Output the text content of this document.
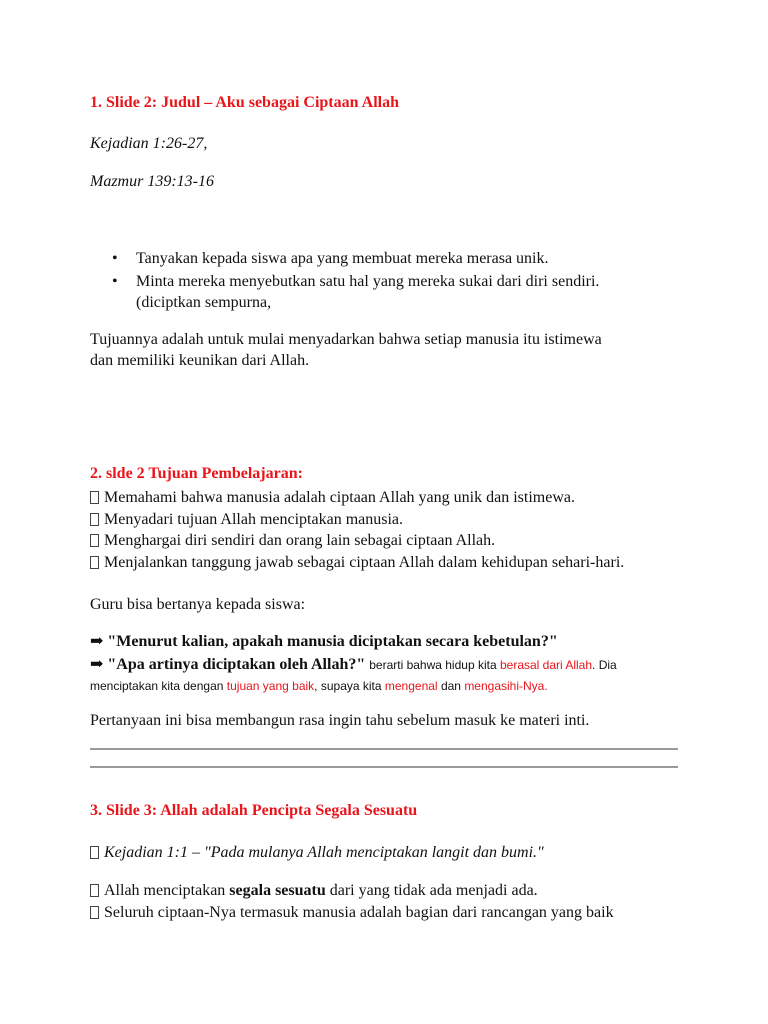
1. Slide 2: Judul – Aku sebagai Ciptaan Allah
Kejadian 1:26-27,
Mazmur 139:13-16
• Tanyakan kepada siswa apa yang membuat mereka merasa unik.
• Minta mereka menyebutkan satu hal yang mereka sukai dari diri sendiri.
(diciptkan sempurna,
Tujuannya adalah untuk mulai menyadarkan bahwa setiap manusia itu istimewa
dan memiliki keunikan dari Allah.
2. slde 2 Tujuan Pembelajaran:
Memahami bahwa manusia adalah ciptaan Allah yang unik dan istimewa.
Menyadari tujuan Allah menciptakan manusia.
Menghargai diri sendiri dan orang lain sebagai ciptaan Allah.
Menjalankan tanggung jawab sebagai ciptaan Allah dalam kehidupan sehari-hari.
Guru bisa bertanya kepada siswa:
➡ "Menurut kalian, apakah manusia diciptakan secara kebetulan?"
➡ "Apa artinya diciptakan oleh Allah?" berarti bahwa hidup kita berasal dari Allah. Dia
menciptakan kita dengan tujuan yang baik, supaya kita mengenal dan mengasihi-Nya.
Pertanyaan ini bisa membangun rasa ingin tahu sebelum masuk ke materi inti.
3. Slide 3: Allah adalah Pencipta Segala Sesuatu
Kejadian 1:1 – "Pada mulanya Allah menciptakan langit dan bumi."
Allah menciptakan segala sesuatu dari yang tidak ada menjadi ada.
Seluruh ciptaan-Nya termasuk manusia adalah bagian dari rancangan yang baik
